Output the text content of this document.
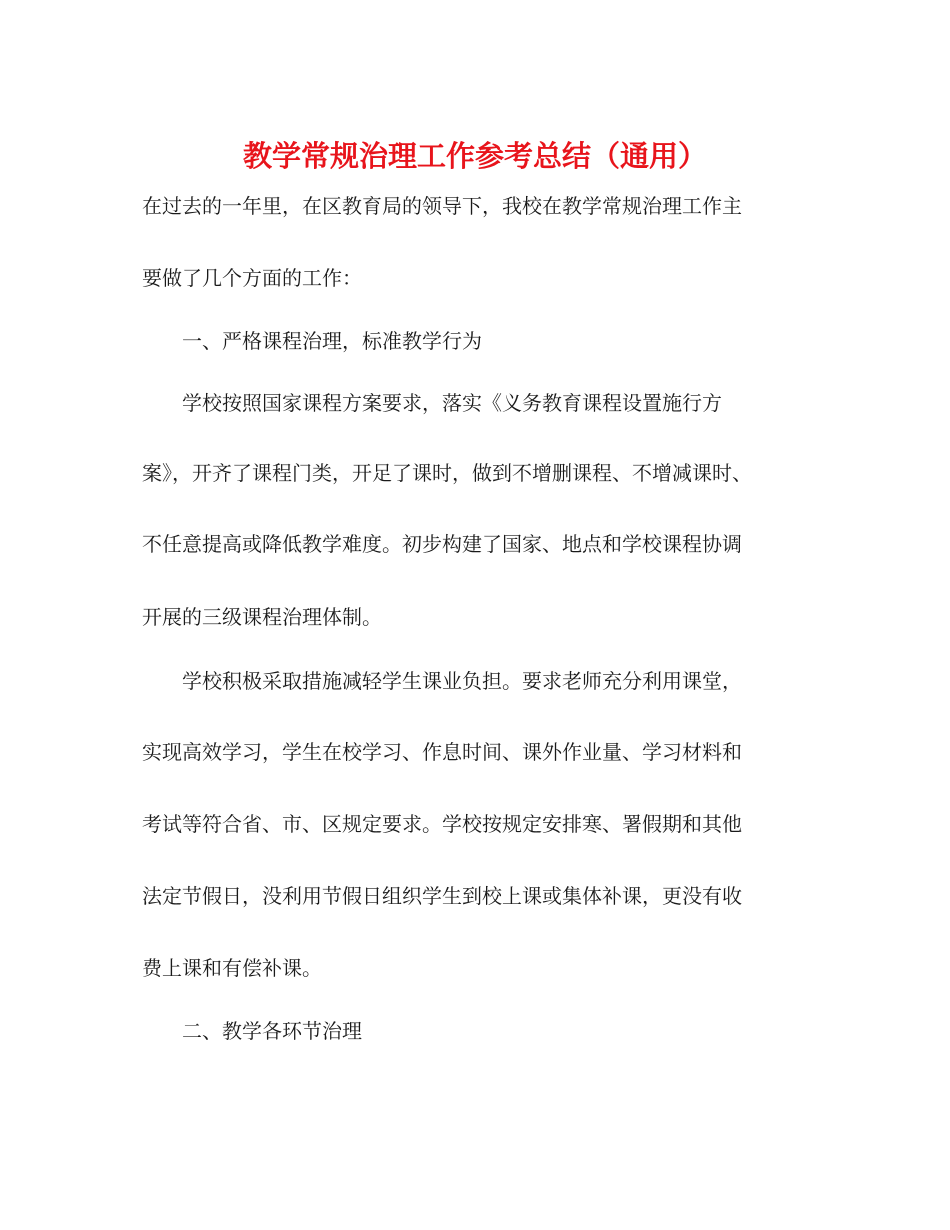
教学常规治理工作参考总结（通用）
在过去的一年里，在区教育局的领导下，我校在教学常规治理工作主
要做了几个方面的工作：
一、严格课程治理，标准教学行为
学校按照国家课程方案要求，落实《义务教育课程设置施行方
案》，开齐了课程门类，开足了课时，做到不增删课程、不增减课时、
不任意提高或降低教学难度。初步构建了国家、地点和学校课程协调
开展的三级课程治理体制。
学校积极采取措施减轻学生课业负担。要求老师充分利用课堂，
实现高效学习，学生在校学习、作息时间、课外作业量、学习材料和
考试等符合省、市、区规定要求。学校按规定安排寒、署假期和其他
法定节假日，没利用节假日组织学生到校上课或集体补课，更没有收
费上课和有偿补课。
二、教学各环节治理
